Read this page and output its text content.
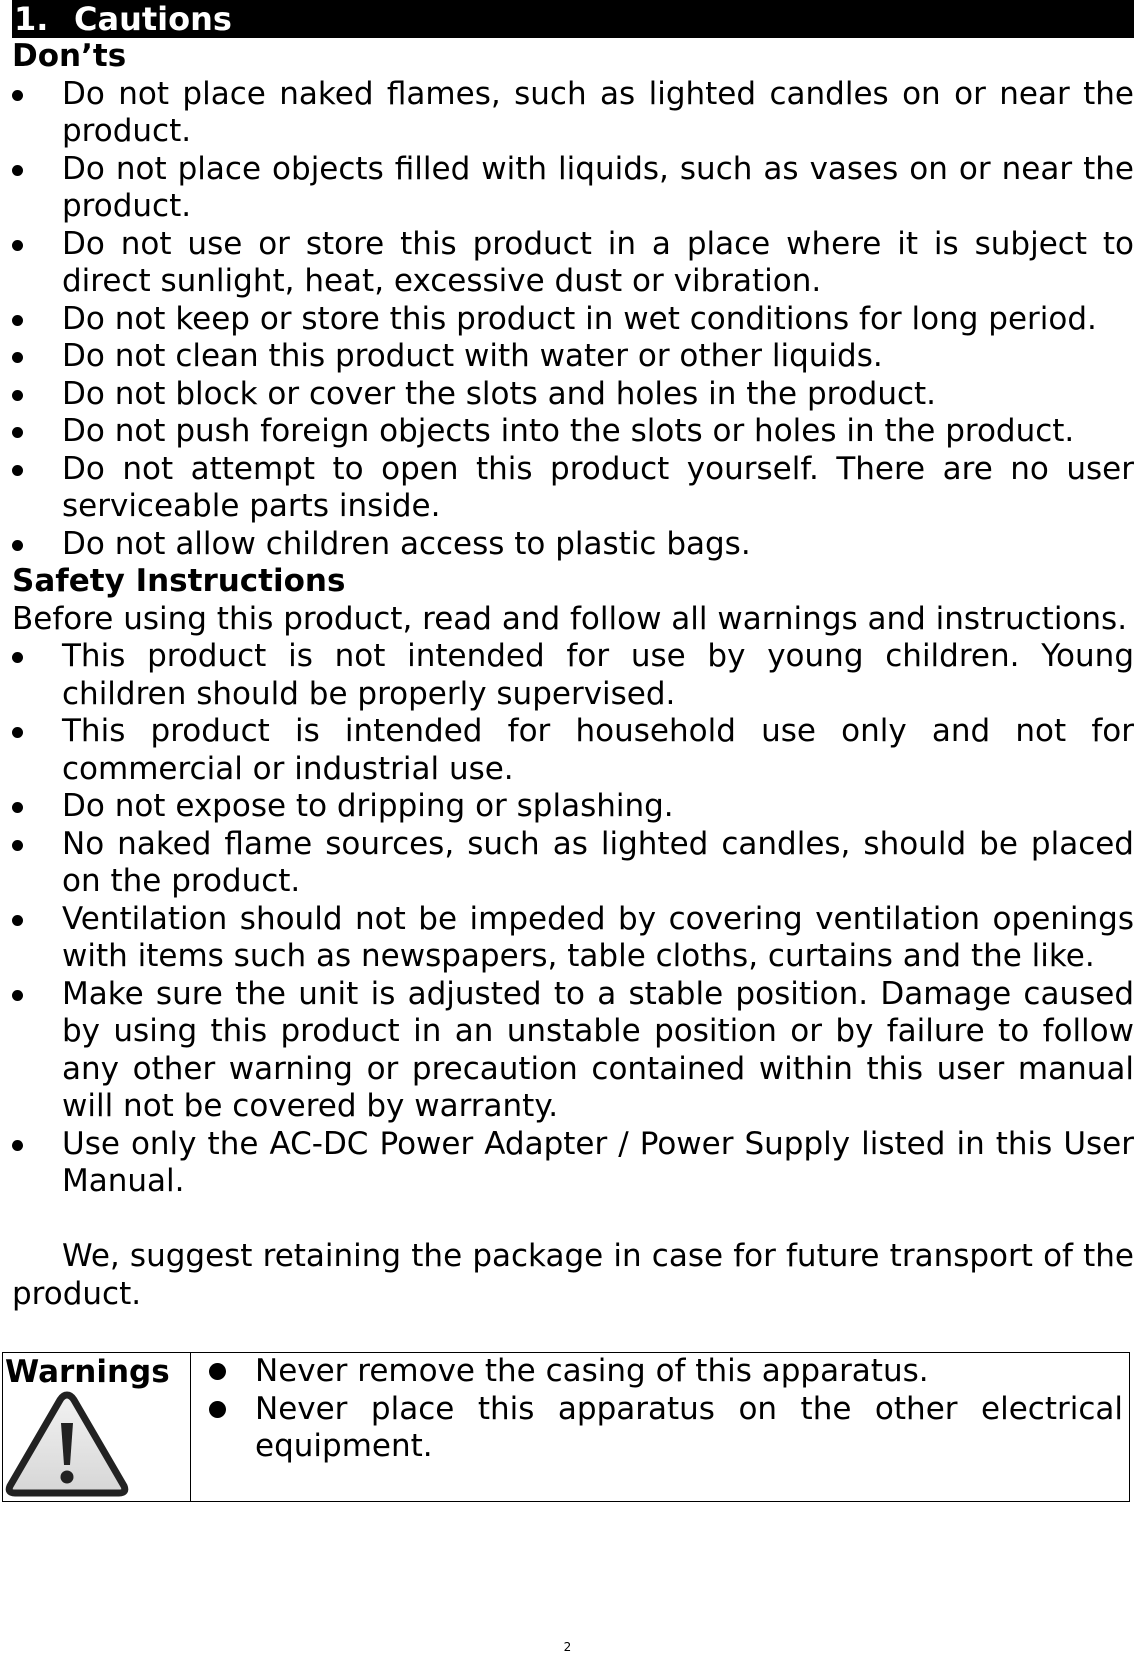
1. Cautions
Don’ts
Do not place naked flames, such as lighted candles on or near the product.
Do not place objects filled with liquids, such as vases on or near the product.
Do not use or store this product in a place where it is subject to direct sunlight, heat, excessive dust or vibration.
Do not keep or store this product in wet conditions for long period.
Do not clean this product with water or other liquids.
Do not block or cover the slots and holes in the product.
Do not push foreign objects into the slots or holes in the product.
Do not attempt to open this product yourself. There are no user serviceable parts inside.
Do not allow children access to plastic bags.
Safety Instructions
Before using this product, read and follow all warnings and instructions.
This product is not intended for use by young children. Young children should be properly supervised.
This product is intended for household use only and not for commercial or industrial use.
Do not expose to dripping or splashing.
No naked flame sources, such as lighted candles, should be placed on the product.
Ventilation should not be impeded by covering ventilation openings with items such as newspapers, table cloths, curtains and the like.
Make sure the unit is adjusted to a stable position. Damage caused by using this product in an unstable position or by failure to follow any other warning or precaution contained within this user manual will not be covered by warranty.
Use only the AC-DC Power Adapter / Power Supply listed in this User Manual.
We, suggest retaining the package in case for future transport of the product.
Warnings	Never remove the casing of this apparatus.
Never place this apparatus on the other electrical equipment.
2
